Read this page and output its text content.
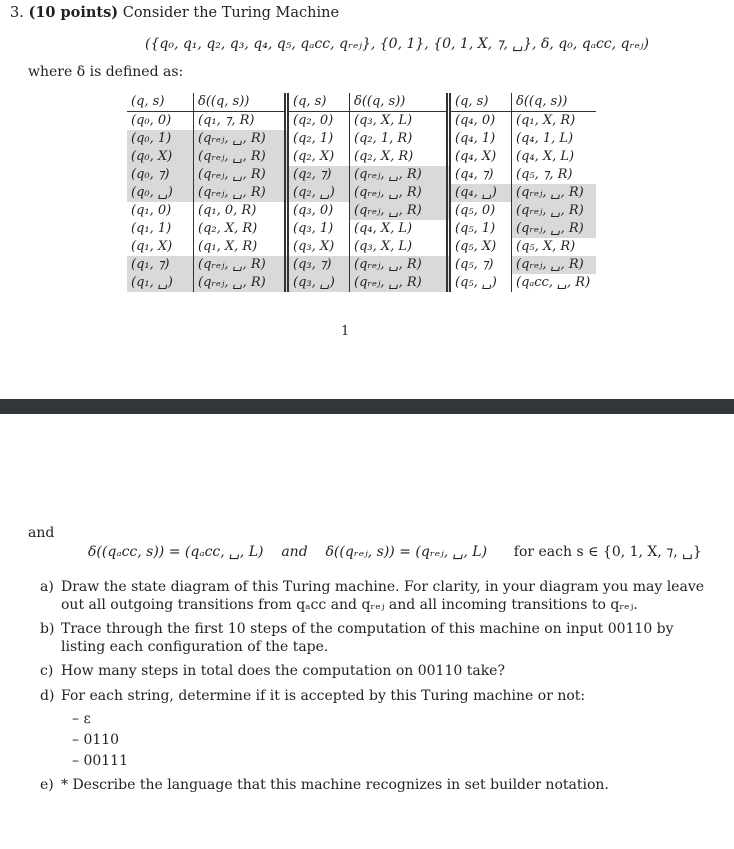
3. (10 points) Consider the Turing Machine
({q₀, q₁, q₂, q₃, q₄, q₅, qₐcc, qᵣₑⱼ}, {0, 1}, {0, 1, X, ⁊, ␣}, δ, q₀, qₐcc, qᵣₑⱼ)
where δ is defined as:
(q, s)	δ((q, s))	(q, s)	δ((q, s))	(q, s)	δ((q, s))
(q₀, 0)	(q₁, ⁊, R)	(q₂, 0)	(q₃, X, L)	(q₄, 0)	(q₁, X, R)
(q₀, 1)	(qᵣₑⱼ, ␣, R)	(q₂, 1)	(q₂, 1, R)	(q₄, 1)	(q₄, 1, L)
(q₀, X)	(qᵣₑⱼ, ␣, R)	(q₂, X)	(q₂, X, R)	(q₄, X)	(q₄, X, L)
(q₀, ⁊)	(qᵣₑⱼ, ␣, R)	(q₂, ⁊)	(qᵣₑⱼ, ␣, R)	(q₄, ⁊)	(q₅, ⁊, R)
(q₀, ␣)	(qᵣₑⱼ, ␣, R)	(q₂, ␣)	(qᵣₑⱼ, ␣, R)	(q₄, ␣)	(qᵣₑⱼ, ␣, R)
(q₁, 0)	(q₁, 0, R)	(q₃, 0)	(qᵣₑⱼ, ␣, R)	(q₅, 0)	(qᵣₑⱼ, ␣, R)
(q₁, 1)	(q₂, X, R)	(q₃, 1)	(q₄, X, L)	(q₅, 1)	(qᵣₑⱼ, ␣, R)
(q₁, X)	(q₁, X, R)	(q₃, X)	(q₃, X, L)	(q₅, X)	(q₅, X, R)
(q₁, ⁊)	(qᵣₑⱼ, ␣, R)	(q₃, ⁊)	(qᵣₑⱼ, ␣, R)	(q₅, ⁊)	(qᵣₑⱼ, ␣, R)
(q₁, ␣)	(qᵣₑⱼ, ␣, R)	(q₃, ␣)	(qᵣₑⱼ, ␣, R)	(q₅, ␣)	(qₐcc, ␣, R)
1
and
δ((qₐcc, s)) = (qₐcc, ␣, L) and δ((qᵣₑⱼ, s)) = (qᵣₑⱼ, ␣, L) for each s ∈ {0, 1, X, ⁊, ␣}
a) Draw the state diagram of this Turing machine. For clarity, in your diagram you may leave out all outgoing transitions from qₐcc and qᵣₑⱼ and all incoming transitions to qᵣₑⱼ.
b) Trace through the first 10 steps of the computation of this machine on input 00110 by listing each configuration of the tape.
c) How many steps in total does the computation on 00110 take?
d) For each string, determine if it is accepted by this Turing machine or not:
– ε
– 0110
– 00111
e) * Describe the language that this machine recognizes in set builder notation.
